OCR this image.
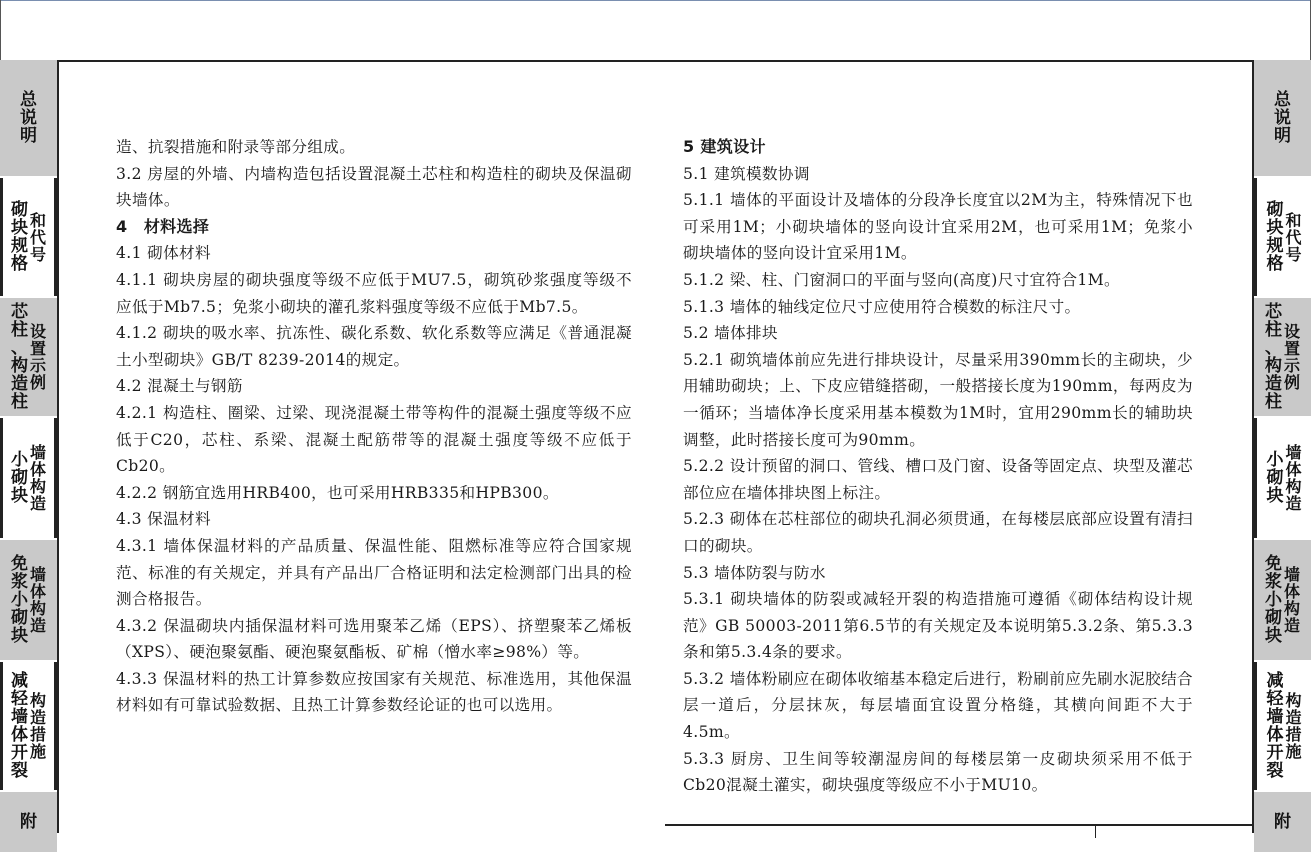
总
说
明
砌
块
规
格
和
代
号
芯
柱
、
构
造
柱
设
置
示
例
小
砌
块
墙
体
构
造
免
浆
小
砌
块
墙
体
构
造
减
轻
墙
体
开
裂
构
造
措
施
附
总
说
明
砌
块
规
格
和
代
号
芯
柱
、
构
造
柱
设
置
示
例
小
砌
块
墙
体
构
造
免
浆
小
砌
块
墙
体
构
造
减
轻
墙
体
开
裂
构
造
措
施
附

造、抗裂措施和附录等部分组成。

3.2 房屋的外墙、内墙构造包括设置混凝土芯柱和构造柱的砌块及保温砌块墙体。

4　材料选择

4.1 砌体材料

4.1.1 砌块房屋的砌块强度等级不应低于MU7.5，砌筑砂浆强度等级不应低于Mb7.5；免浆小砌块的灌孔浆料强度等级不应低于Mb7.5。

4.1.2 砌块的吸水率、抗冻性、碳化系数、软化系数等应满足《普通混凝土小型砌块》GB/T 8239-2014的规定。

4.2 混凝土与钢筋

4.2.1 构造柱、圈梁、过梁、现浇混凝土带等构件的混凝土强度等级不应低于C20，芯柱、系梁、混凝土配筋带等的混凝土强度等级不应低于Cb20。

4.2.2 钢筋宜选用HRB400，也可采用HRB335和HPB300。

4.3 保温材料

4.3.1 墙体保温材料的产品质量、保温性能、阻燃标准等应符合国家规范、标准的有关规定，并具有产品出厂合格证明和法定检测部门出具的检测合格报告。

4.3.2 保温砌块内插保温材料可选用聚苯乙烯（EPS）、挤塑聚苯乙烯板（XPS）、硬泡聚氨酯、硬泡聚氨酯板、矿棉（憎水率≥98%）等。

4.3.3 保温材料的热工计算参数应按国家有关规范、标准选用，其他保温材料如有可靠试验数据、且热工计算参数经论证的也可以选用。

5 建筑设计

5.1 建筑模数协调

5.1.1 墙体的平面设计及墙体的分段净长度宜以2M为主，特殊情况下也可采用1M；小砌块墙体的竖向设计宜采用2M，也可采用1M；免浆小砌块墙体的竖向设计宜采用1M。

5.1.2 梁、柱、门窗洞口的平面与竖向(高度)尺寸宜符合1M。

5.1.3 墙体的轴线定位尺寸应使用符合模数的标注尺寸。

5.2 墙体排块

5.2.1 砌筑墙体前应先进行排块设计，尽量采用390mm长的主砌块，少用辅助砌块；上、下皮应错缝搭砌，一般搭接长度为190mm，每两皮为一循环；当墙体净长度采用基本模数为1M时，宜用290mm长的辅助块调整，此时搭接长度可为90mm。

5.2.2 设计预留的洞口、管线、槽口及门窗、设备等固定点、块型及灌芯部位应在墙体排块图上标注。

5.2.3 砌体在芯柱部位的砌块孔洞必须贯通，在每楼层底部应设置有清扫口的砌块。

5.3 墙体防裂与防水

5.3.1 砌块墙体的防裂或减轻开裂的构造措施可遵循《砌体结构设计规范》GB 50003-2011第6.5节的有关规定及本说明第5.3.2条、第5.3.3条和第5.3.4条的要求。

5.3.2 墙体粉刷应在砌体收缩基本稳定后进行，粉刷前应先刷水泥胶结合层一道后，分层抹灰，每层墙面宜设置分格缝，其横向间距不大于4.5m。

5.3.3 厨房、卫生间等较潮湿房间的每楼层第一皮砌块须采用不低于Cb20混凝土灌实，砌块强度等级应不小于MU10。
